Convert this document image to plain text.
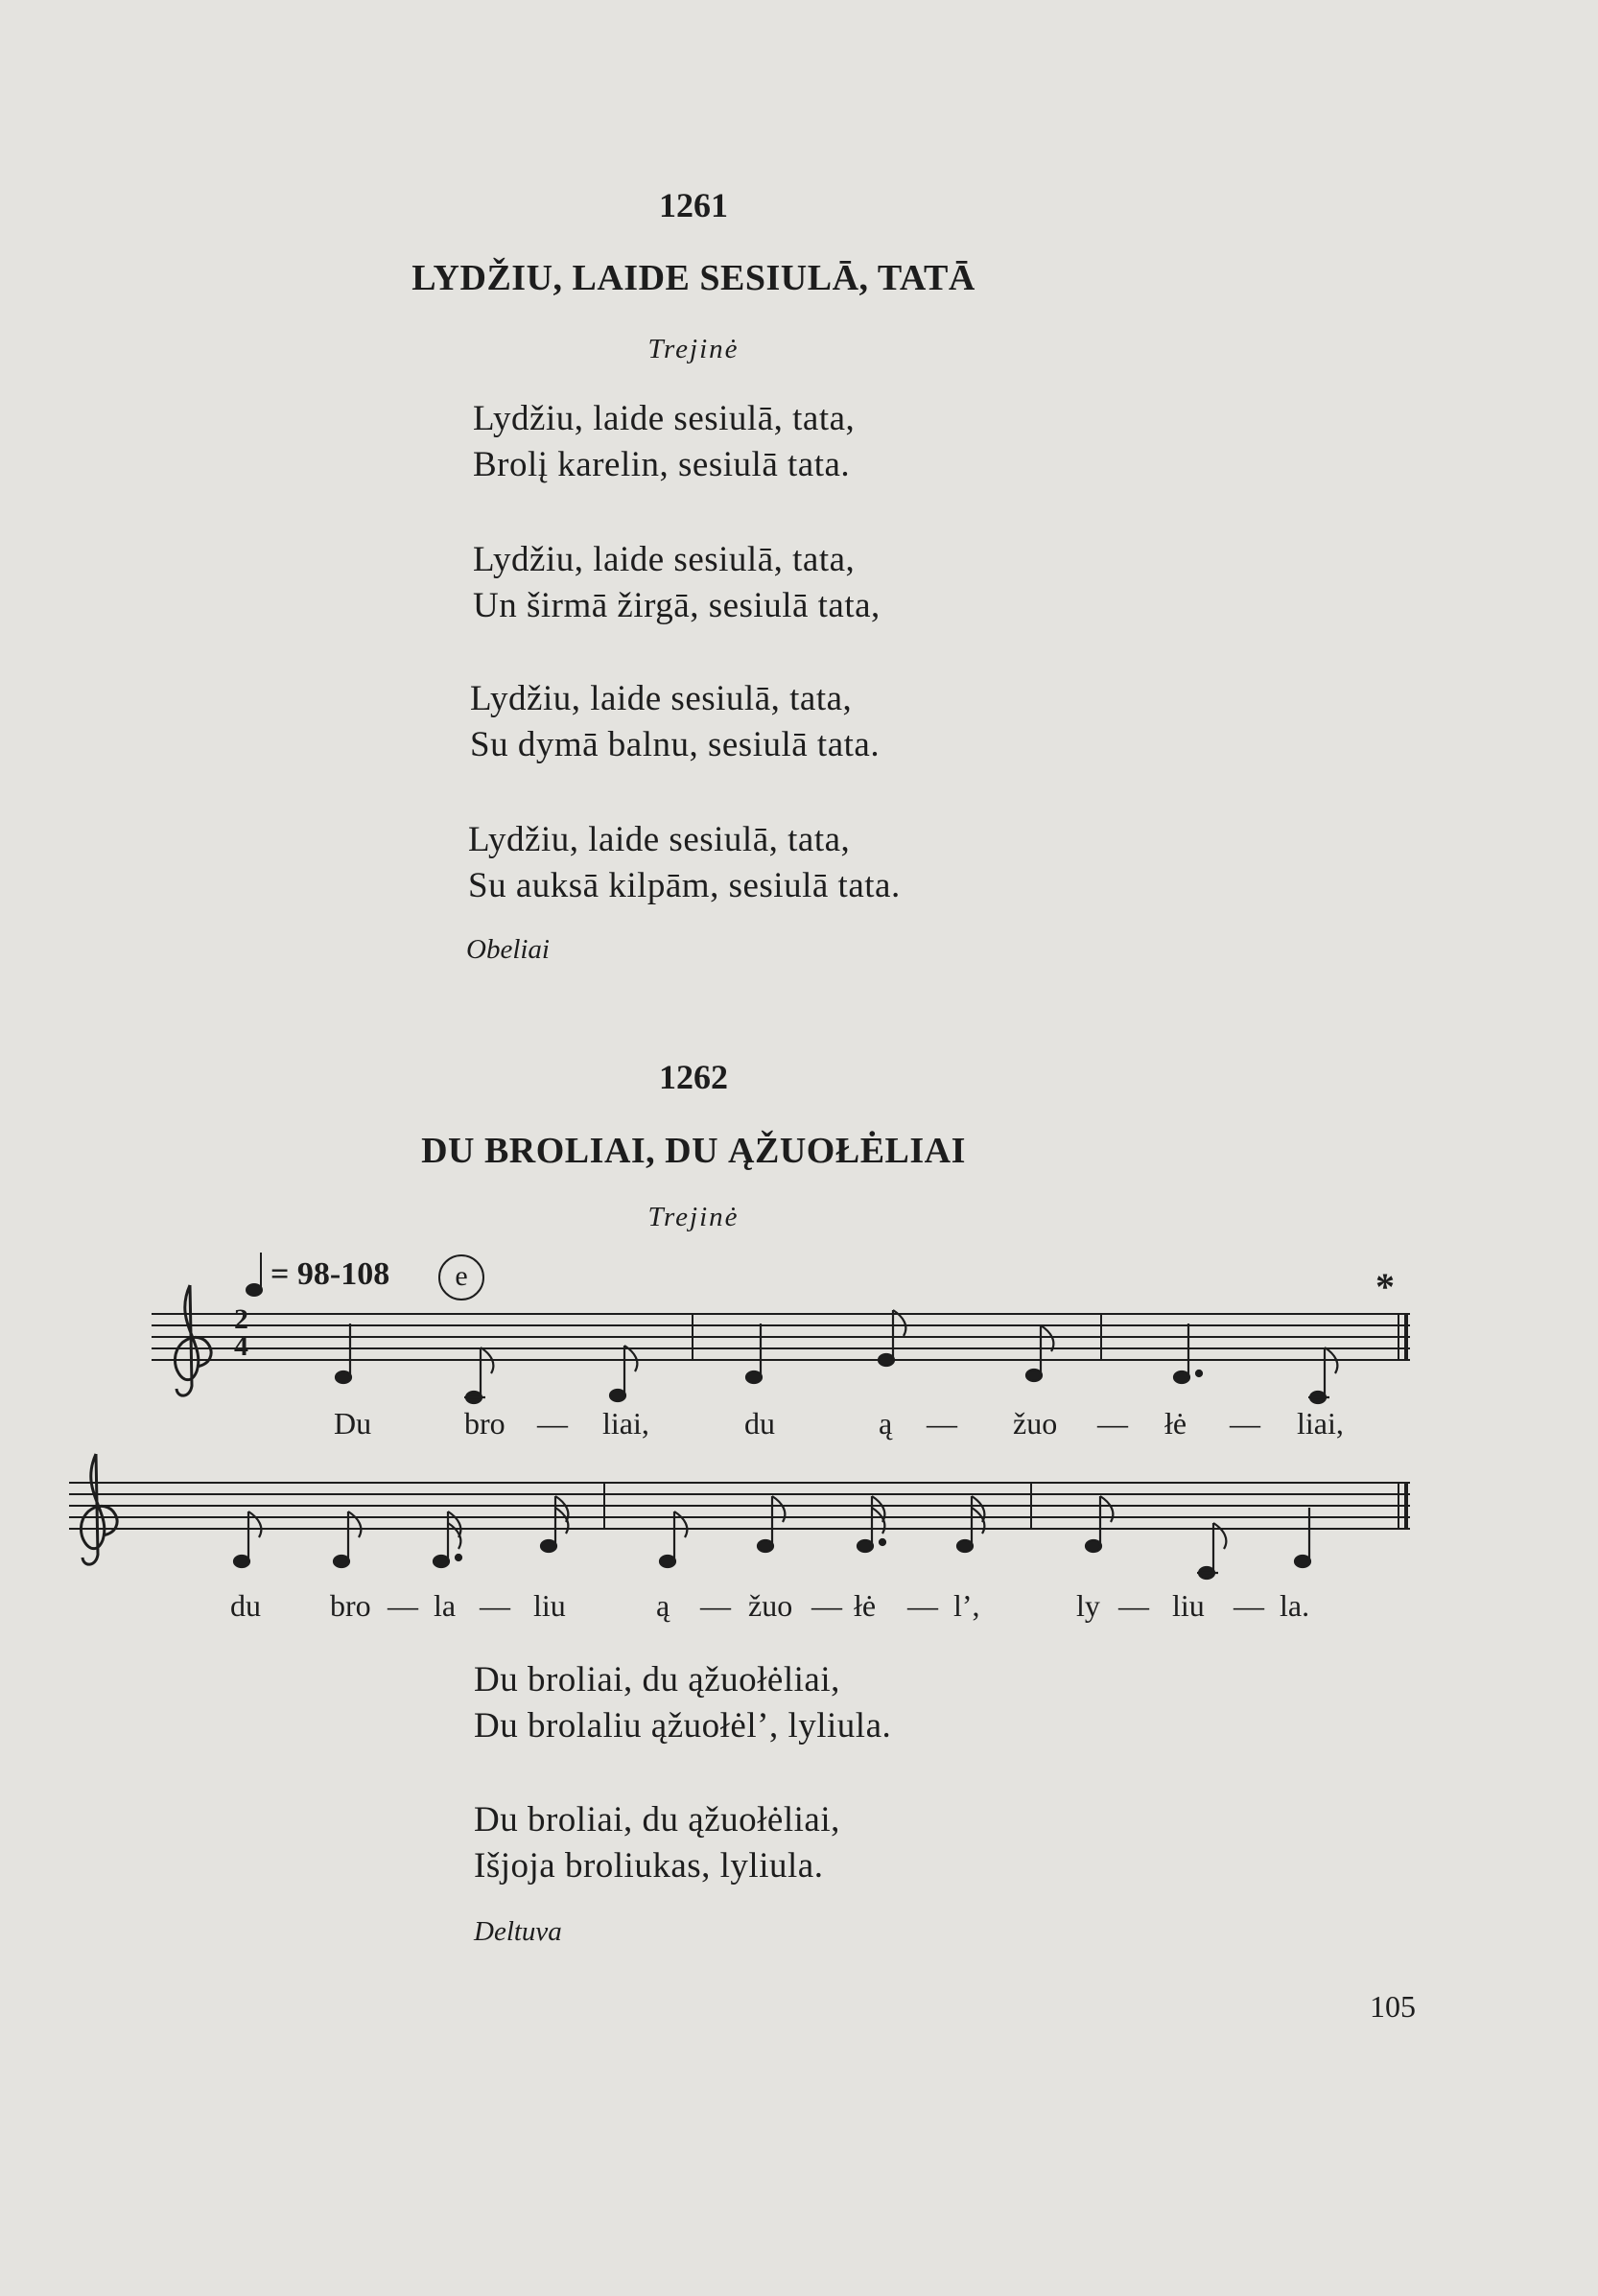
1261
LYDŽIU, LAIDE SESIULĀ, TATĀ
Trejinė
Lydžiu, laide sesiulā, tata,
Brolį karelin, sesiulā tata.
Lydžiu, laide sesiulā, tata,
Un širmā žirgā, sesiulā tata,
Lydžiu, laide sesiulā, tata,
Su dymā balnu, sesiulā tata.
Lydžiu, laide sesiulā, tata,
Su auksā kilpām, sesiulā tata.
Obeliai
1262
DU BROLIAI, DU ĄŽUOŁĖLIAI
Trejinė
= 98-108	e	*
2
4
Du	bro — liai,	du	ą — žuo — łė — liai,
du bro — la — liu	ą — žuo — łė — l’,	ly — liu — la.
Du broliai, du ąžuołėliai,
Du brolaliu ąžuołėl’, lyliula.
Du broliai, du ąžuołėliai,
Išjoja broliukas, lyliula.
Deltuva
105
